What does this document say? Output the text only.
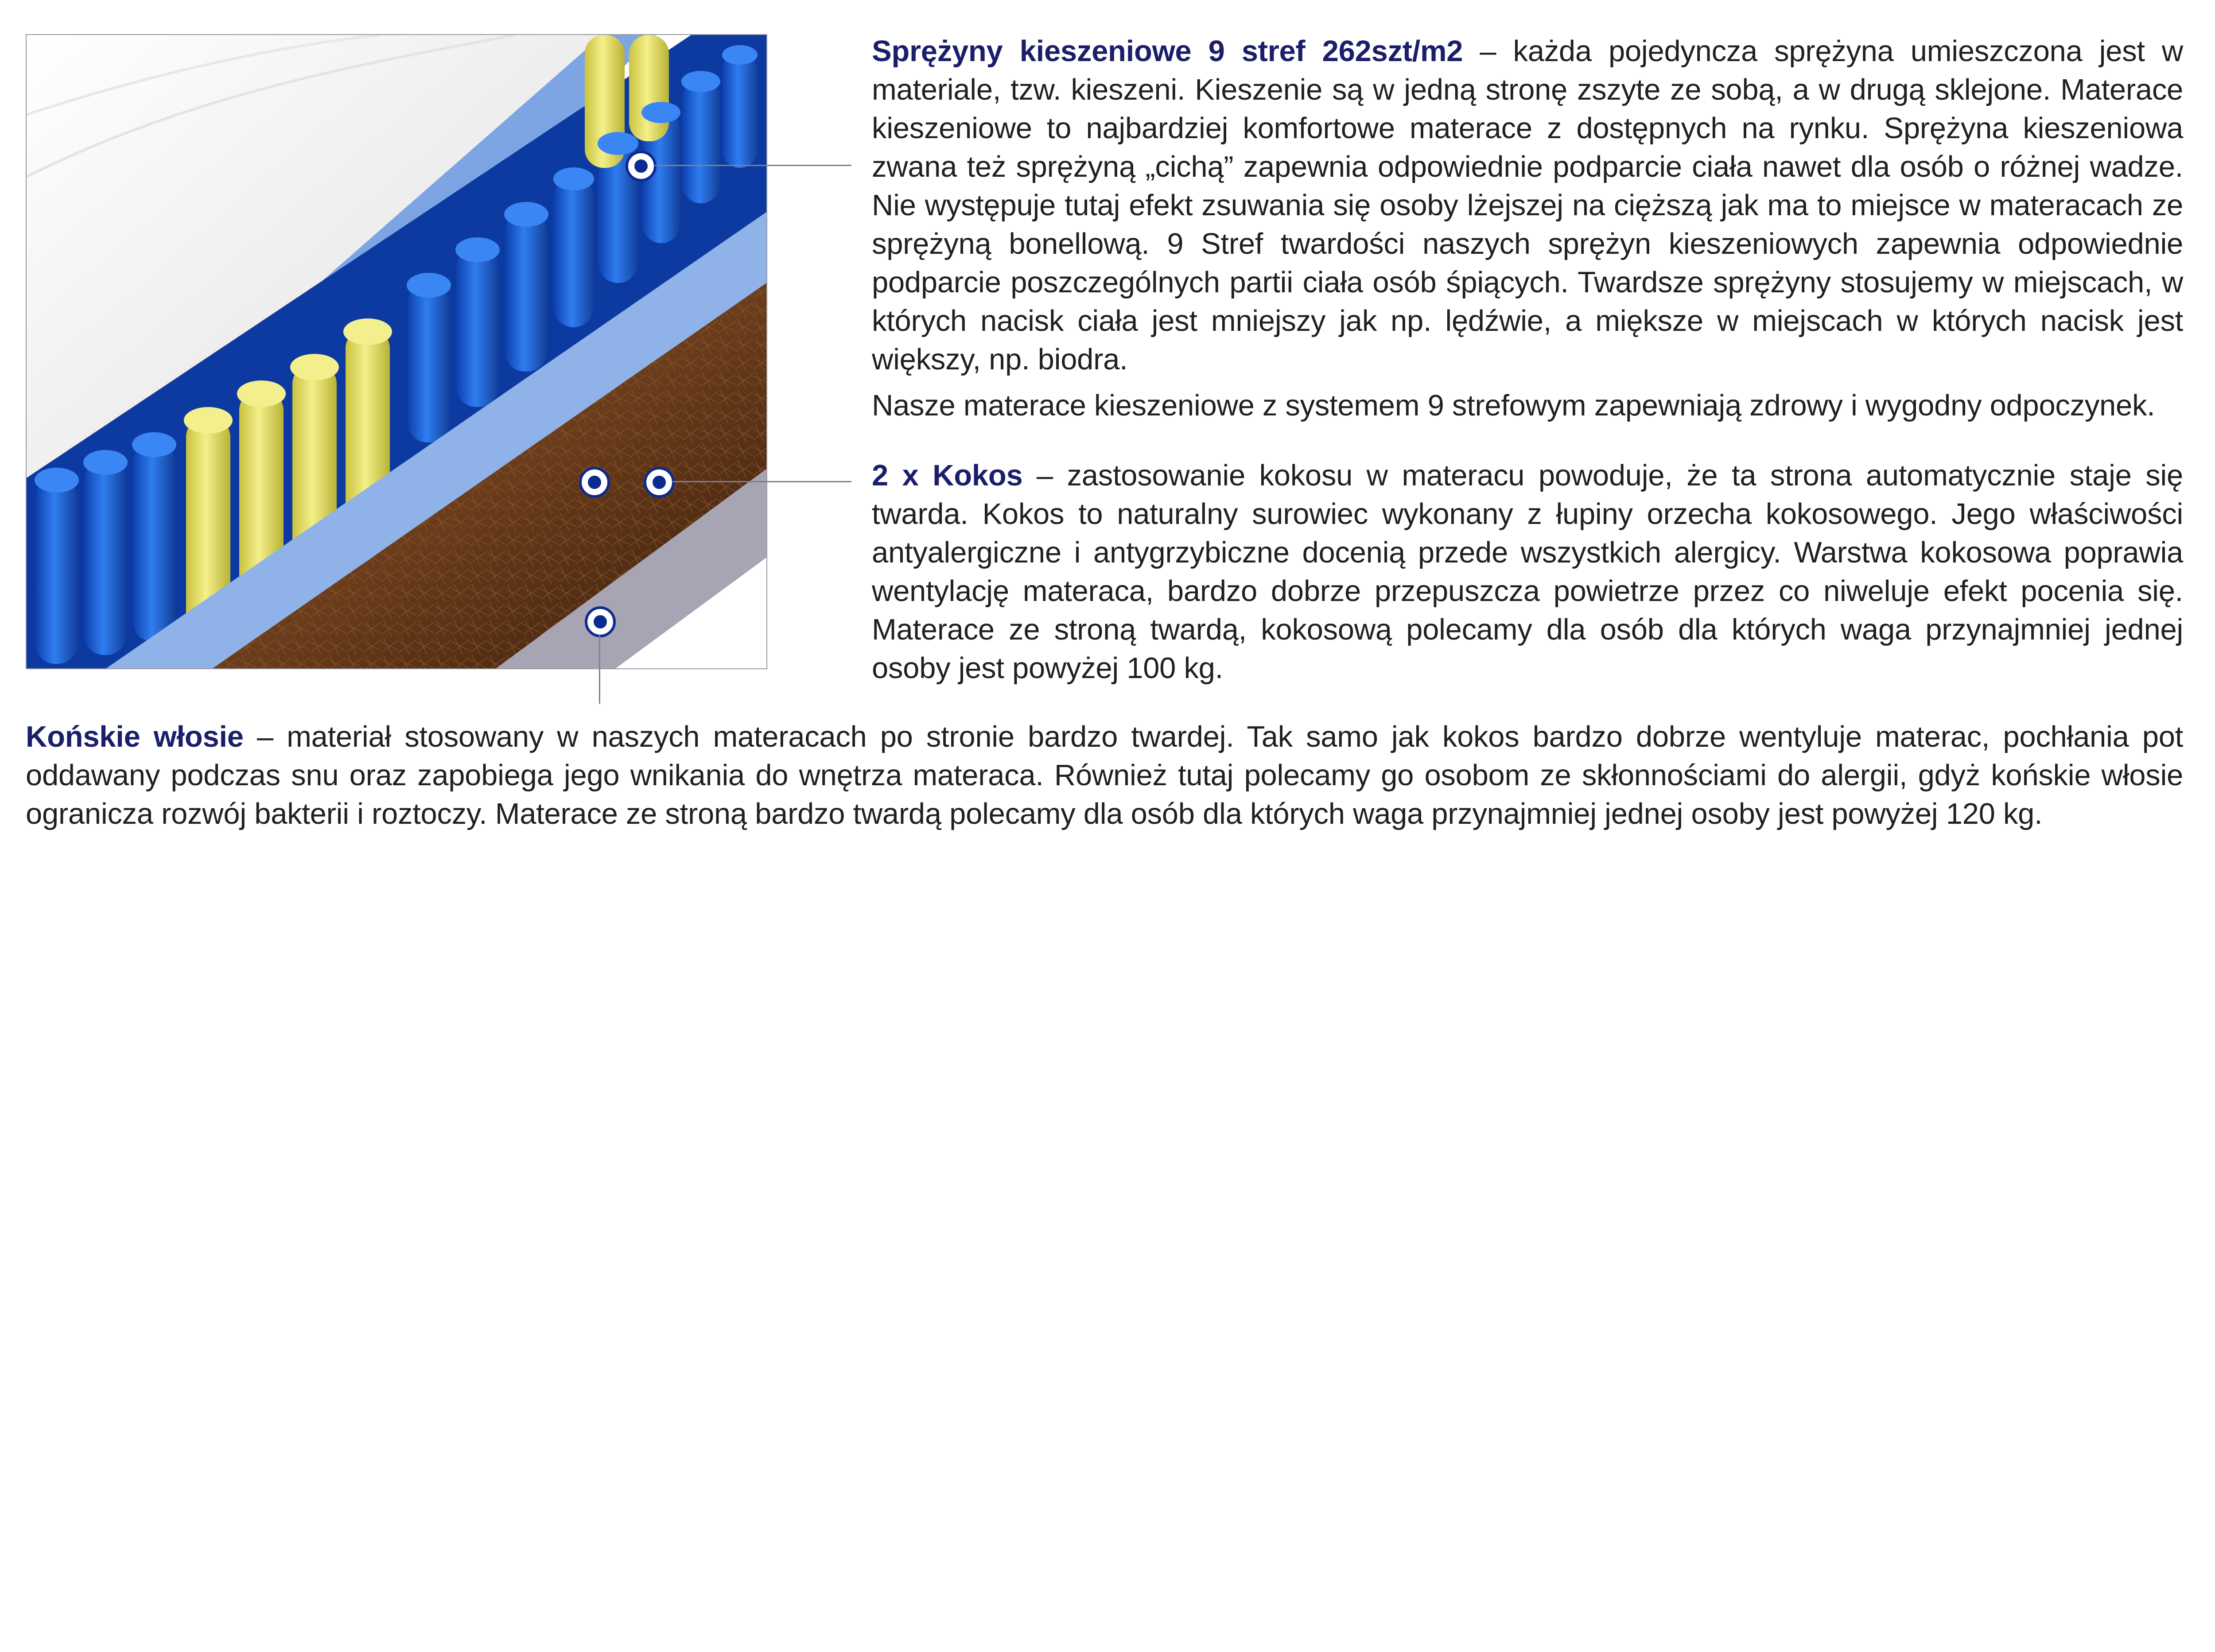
Sprężyny kieszeniowe 9 stref 262szt/m2 – każda pojedyncza sprężyna umieszczona jest w materiale, tzw. kieszeni. Kieszenie są w jedną stronę zszyte ze sobą, a w drugą sklejone. Materace kieszeniowe to najbardziej komfortowe materace z dostępnych na rynku. Sprężyna kieszeniowa zwana też sprężyną „cichą” zapewnia odpowiednie podparcie ciała nawet dla osób o różnej wadze. Nie występuje tutaj efekt zsuwania się osoby lżejszej na cięższą jak ma to miejsce w materacach ze sprężyną bonellową. 9 Stref twardości naszych sprężyn kieszeniowych zapewnia odpowiednie podparcie poszczególnych partii ciała osób śpiących. Twardsze sprężyny stosujemy w miejscach, w których nacisk ciała jest mniejszy jak np. lędźwie, a miększe w miejscach w których nacisk jest większy, np. biodra.

Nasze materace kieszeniowe z systemem 9 strefowym zapewniają zdrowy i wygodny odpoczynek.

2 x Kokos – zastosowanie kokosu w materacu powoduje, że ta strona automatycznie staje się twarda. Kokos to naturalny surowiec wykonany z łupiny orzecha kokosowego. Jego właściwości antyalergiczne i antygrzybiczne docenią przede wszystkich alergicy. Warstwa kokosowa poprawia wentylację materaca, bardzo dobrze przepuszcza powietrze przez co niweluje efekt pocenia się. Materace ze stroną twardą, kokosową polecamy dla osób dla których waga przynajmniej jednej osoby jest powyżej 100 kg.

Końskie włosie – materiał stosowany w naszych materacach po stronie bardzo twardej. Tak samo jak kokos bardzo dobrze wentyluje materac, pochłania pot oddawany podczas snu oraz zapobiega jego wnikania do wnętrza materaca. Również tutaj polecamy go osobom ze skłonnościami do alergii, gdyż końskie włosie ogranicza rozwój bakterii i roztoczy. Materace ze stroną bardzo twardą polecamy dla osób dla których waga przynajmniej jednej osoby jest powyżej 120 kg.
